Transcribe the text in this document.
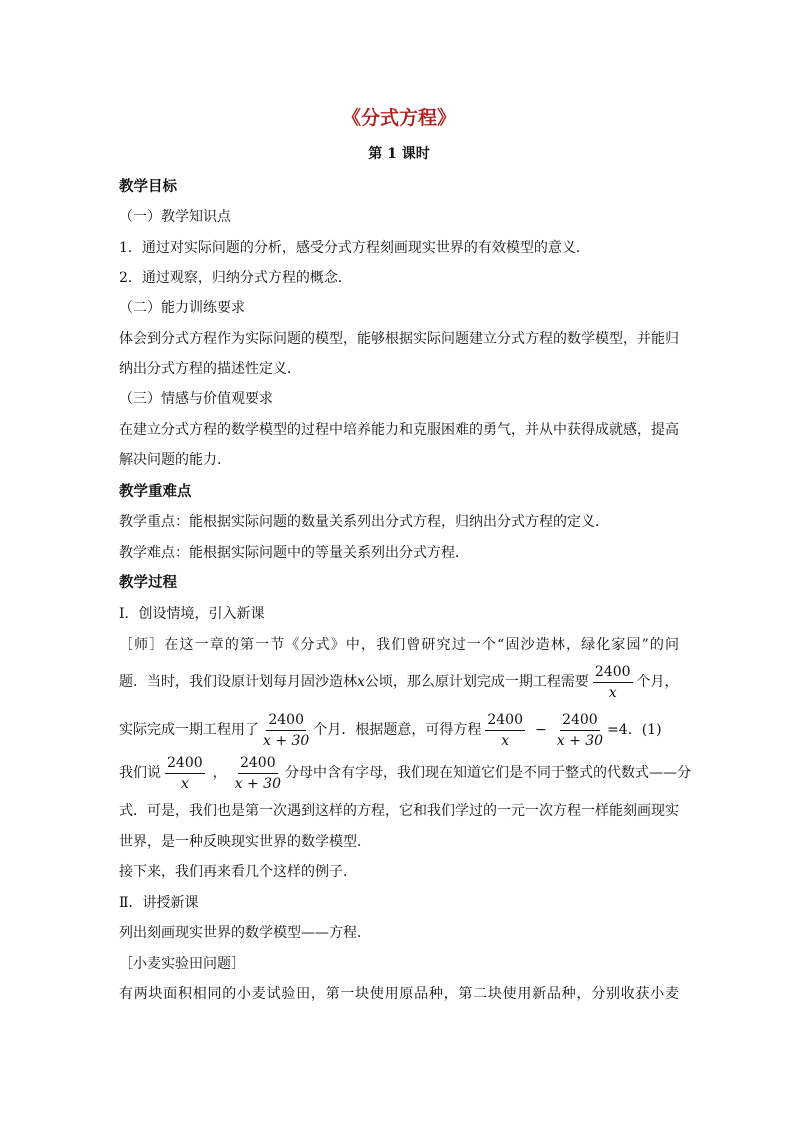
《分式方程》
第 1 课时
教学目标
（一）教学知识点
1．通过对实际问题的分析，感受分式方程刻画现实世界的有效模型的意义．
2．通过观察，归纳分式方程的概念．
（二）能力训练要求
体会到分式方程作为实际问题的模型，能够根据实际问题建立分式方程的数学模型，并能归
纳出分式方程的描述性定义．
（三）情感与价值观要求
在建立分式方程的数学模型的过程中培养能力和克服困难的勇气，并从中获得成就感，提高
解决问题的能力．
教学重难点
教学重点：能根据实际问题的数量关系列出分式方程，归纳出分式方程的定义．
教学难点：能根据实际问题中的等量关系列出分式方程．
教学过程
Ⅰ．创设情境，引入新课
［师］在这一章的第一节《分式》中，我们曾研究过一个“固沙造林，绿化家园”的问
题．当时，我们设原计划每月固沙造林 x 公顷，那么原计划完成一期工程需要 $\frac{2400}{x}$ 个月，
实际完成一期工程用了 $\frac{2400}{x + 30}$ 个月．根据题意，可得方程 $\frac{2400}{x} - \frac{2400}{x + 30} =4$．(1)
我们说 $\frac{2400}{x}$ ， $\frac{2400}{x + 30}$ 分母中含有字母，我们现在知道它们是不同于整式的代数式——分
式．可是，我们也是第一次遇到这样的方程，它和我们学过的一元一次方程一样能刻画现实
世界，是一种反映现实世界的数学模型．
接下来，我们再来看几个这样的例子．
Ⅱ．讲授新课
列出刻画现实世界的数学模型——方程．
［小麦实验田问题］
有两块面积相同的小麦试验田，第一块使用原品种，第二块使用新品种，分别收获小麦
